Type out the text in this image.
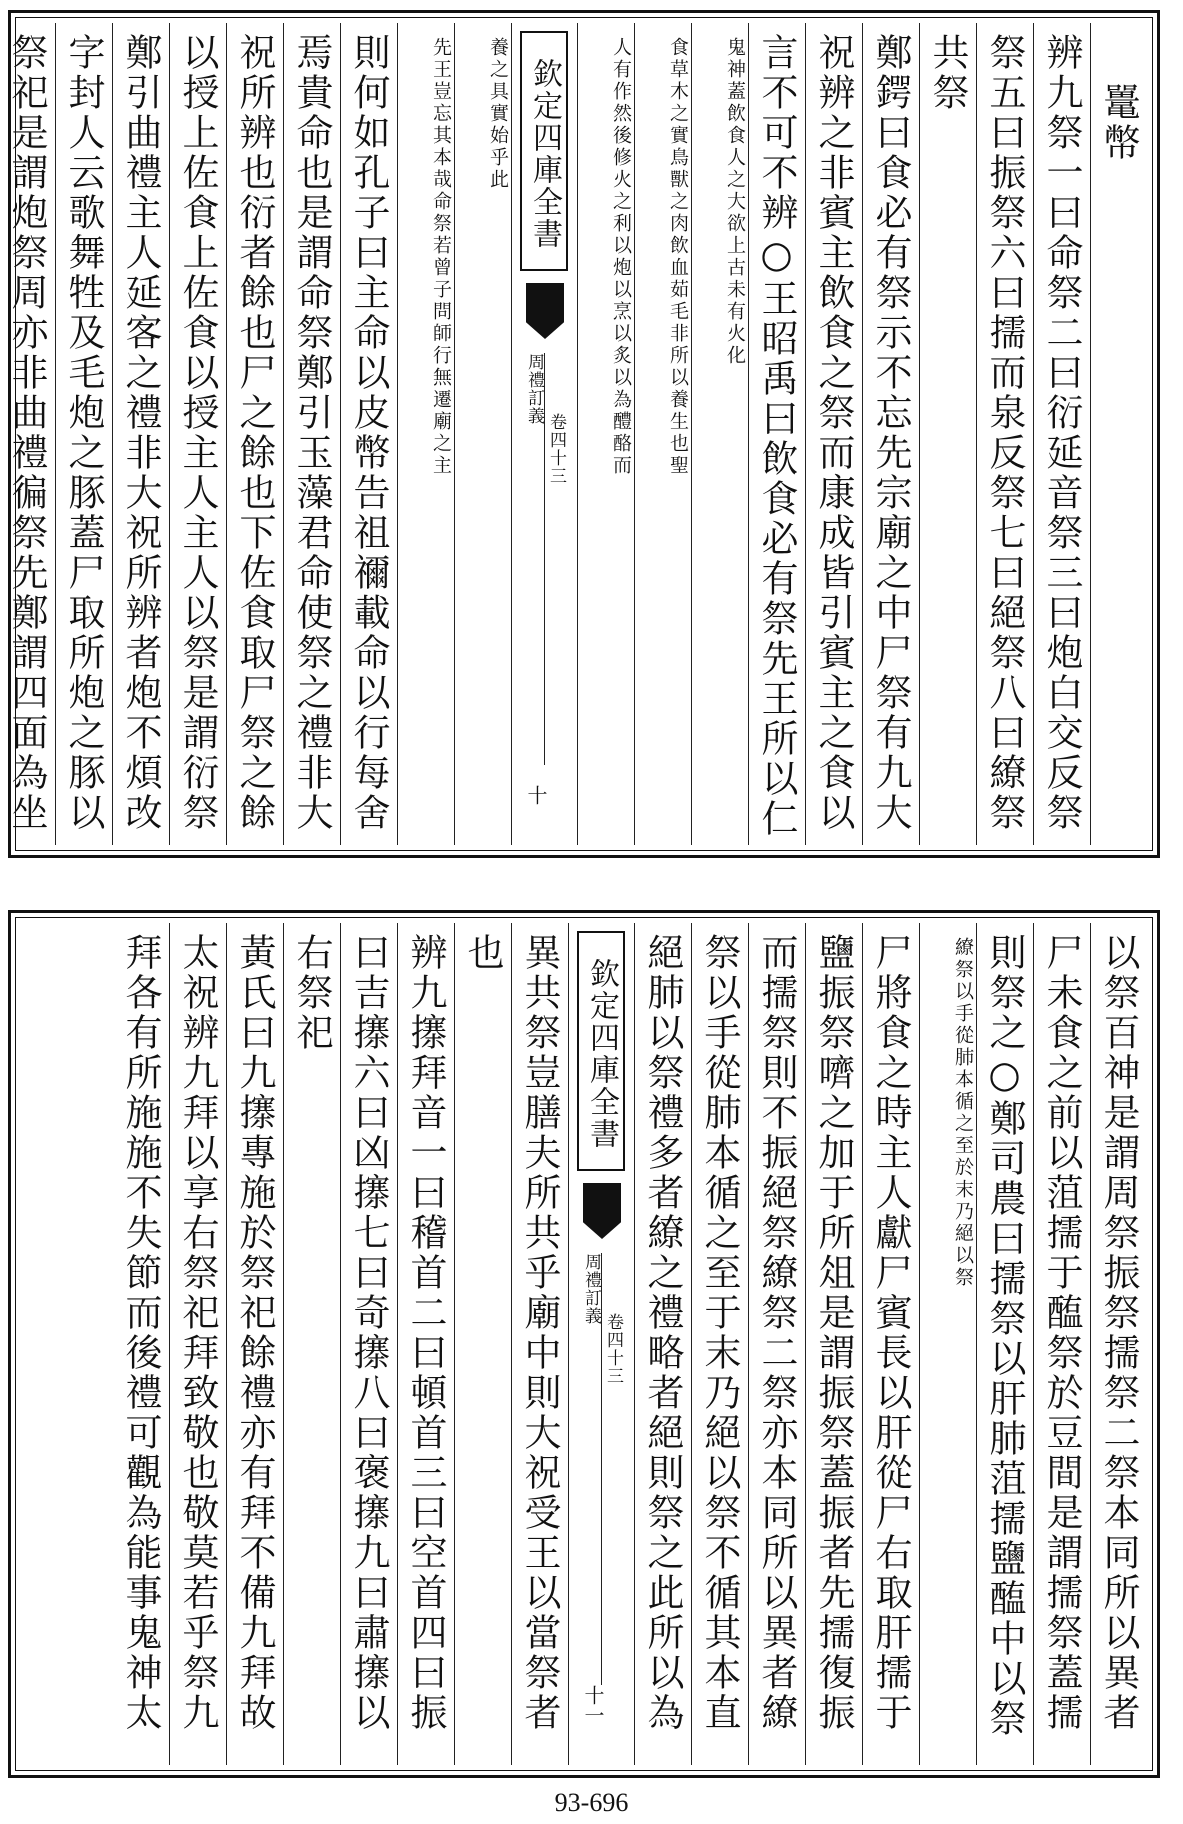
鼍幣
辨九祭一曰命祭二曰衍延音祭三曰炮白交反祭
祭五曰振祭六曰擩而泉反祭七曰絕祭八曰繚祭
共祭
鄭鍔曰食必有祭示不忘先宗廟之中尸祭有九大
祝辨之非賓主飲食之祭而康成皆引賓主之食以
言不可不辨○王昭禹曰飲食必有祭先王所以仁
鬼神蓋飲食人之大欲上古未有火化
食草木之實鳥獸之肉飲血茹毛非所以養生也聖
人有作然後修火之利以炮以烹以炙以為醴酪而
欽定四庫全書
周禮訂義
卷四十三
十
養之具實始乎此
先王豈忘其本哉命祭若曾子問師行無遷廟之主
則何如孔子曰主命以皮幣告祖禰載命以行每舍
焉貴命也是謂命祭鄭引玉藻君命使祭之禮非大
祝所辨也衍者餘也尸之餘也下佐食取尸祭之餘
以授上佐食上佐食以授主人主人以祭是謂衍祭
鄭引曲禮主人延客之禮非大祝所辨者炮不煩改
字封人云歌舞牲及毛炮之豚蓋尸取所炮之豚以
祭祀是謂炮祭周亦非曲禮徧祭先鄭謂四面為坐
以祭百神是謂周祭振祭擩祭二祭本同所以異者
尸未食之前以菹擩于醢祭於豆間是謂擩祭蓋擩
則祭之○鄭司農曰擩祭以肝肺菹擩鹽醢中以祭
繚祭以手從肺本循之至於末乃絕以祭
尸將食之時主人獻尸賓長以肝從尸右取肝擩于
鹽振祭嚌之加于所俎是謂振祭蓋振者先擩復振
而擩祭則不振絕祭繚祭二祭亦本同所以異者繚
祭以手從肺本循之至于末乃絕以祭不循其本直
絕肺以祭禮多者繚之禮略者絕則祭之此所以為
欽定四庫全書
周禮訂義
卷四十三
十一
異共祭豈膳夫所共乎廟中則大祝受王以當祭者
也
辨九㩟拜音一曰稽首二曰頓首三曰空首四曰振
曰吉㩟六曰凶㩟七曰奇㩟八曰褒㩟九曰肅㩟以
右祭祀
黃氏曰九㩟專施於祭祀餘禮亦有拜不備九拜故
太祝辨九拜以享右祭祀拜致敬也敬莫若乎祭九
拜各有所施施不失節而後禮可觀為能事鬼神太
93-696
